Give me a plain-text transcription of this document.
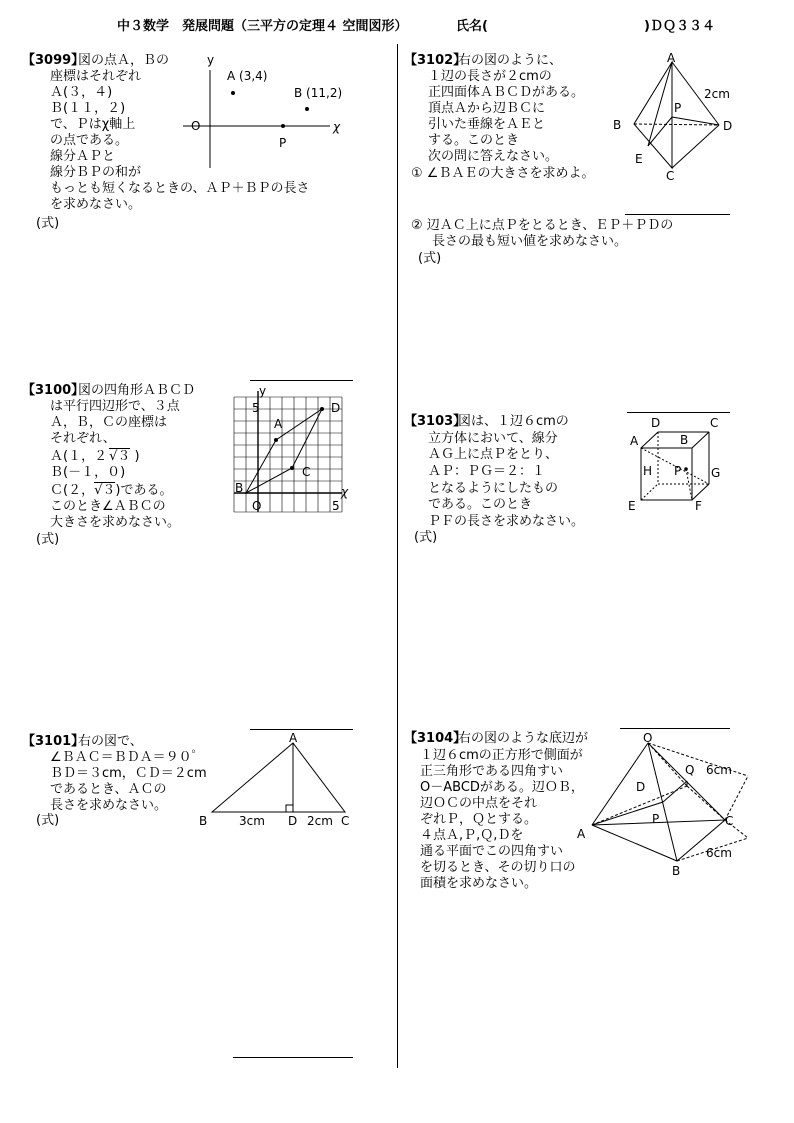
中３数学　発展問題（三平方の定理４ 空間図形）	氏名(	)ＤＱ３３４
【3099】
図の点Ａ，Ｂの
座標はそれぞれ
Ａ(３，４)
Ｂ(１１，２)
で、Ｐはχ軸上
の点である。
線分ＡＰと
線分ＢＰの和が
もっとも短くなるときの、ＡＰ＋ＢＰの長さ
を求めなさい。
(式)
y
χ
O
A (3,4)
B (11,2)
P
【3100】
図の四角形ＡＢＣＤ
は平行四辺形で、３点
Ａ，Ｂ，Ｃの座標は
それぞれ、
Ａ(１，２ √３ )
Ｂ(－１，０)
Ｃ(２，√３)である。
このとき∠ＡＢＣの
大きさを求めなさい。
(式)
y
χ
5
5
O
A
B
C
D
【3101】
右の図で、
∠ＢＡＣ＝ＢＤＡ＝９０゜
ＢＤ＝３cm，ＣＤ＝２cm
であるとき、ＡＣの
長さを求めなさい。
(式)
A
B	C
D
3cm	2cm
【3102】
右の図のように、
１辺の長さが２cmの
正四面体ＡＢＣＤがある。
頂点Ａから辺ＢＣに
引いた垂線をＡＥと
する。このとき
次の問に答えなさい。
① ∠ＢＡＥの大きさを求めよ。
② 辺ＡＣ上に点Ｐをとるとき、ＥＰ＋ＰＤの
長さの最も短い値を求めなさい。
(式)
A
B
C
D
E
P
2cm
【3103】
図は、１辺６cmの
立方体において、線分
ＡＧ上に点Ｐをとり、
ＡＰ：ＰＧ＝２：１
となるようにしたもの
である。このとき
ＰＦの長さを求めなさい。
(式)
A	B
C
D
E	F
G
H P
【3104】
右の図のような底辺が
１辺６cmの正方形で側面が
正三角形である四角すい
O－ABCDがある。辺ＯＢ，
辺ＯＣの中点をそれ
ぞれＰ，Ｑとする。
４点Ａ,Ｐ,Ｑ,Ｄを
通る平面でこの四角すい
を切るとき、その切り口の
面積を求めなさい。
O
A
B
C
D
P
Q 6cm
6cm
